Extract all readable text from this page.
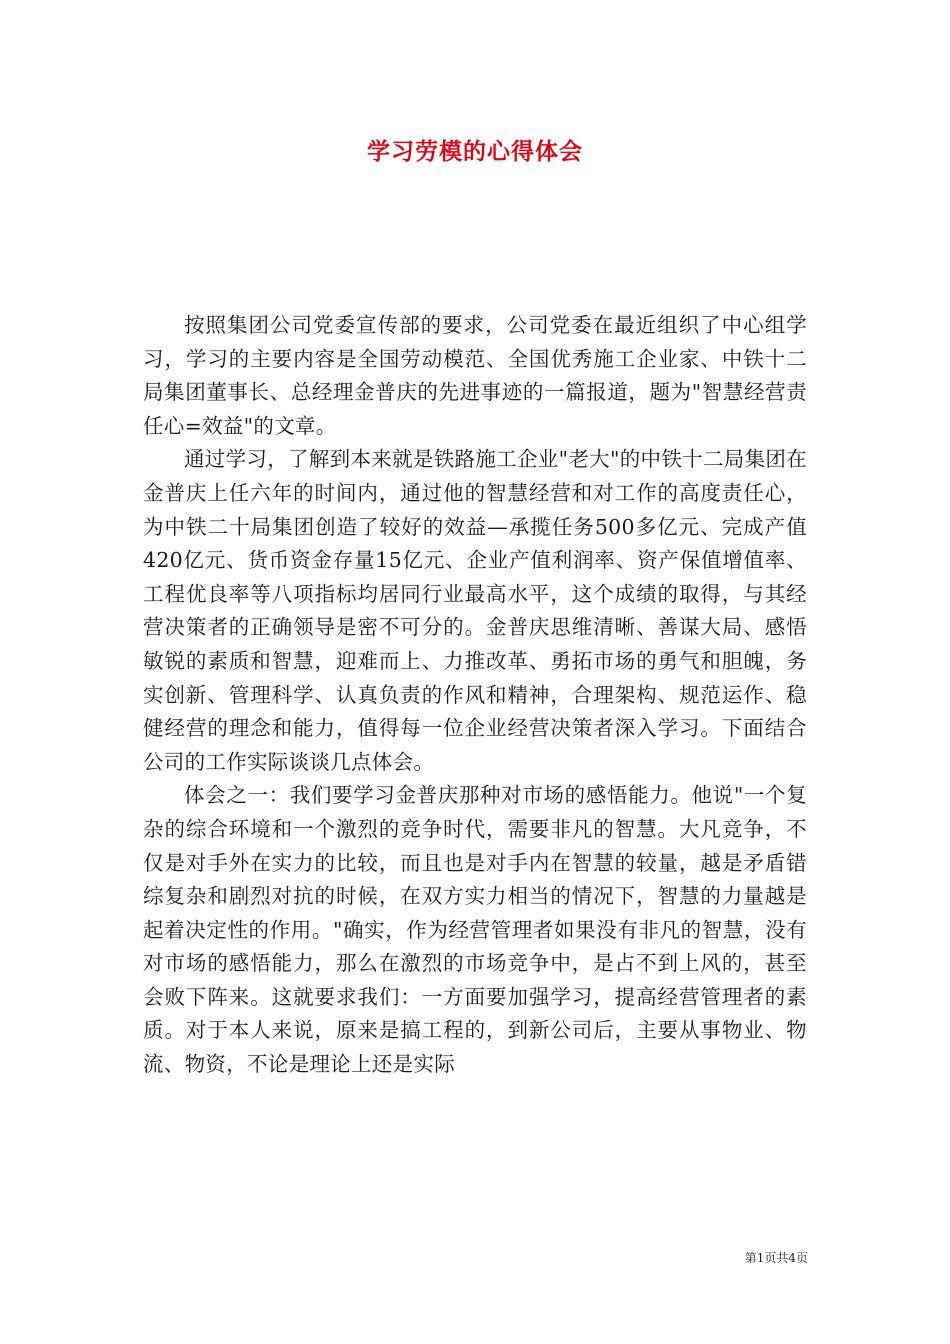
学习劳模的心得体会

按照集团公司党委宣传部的要求，公司党委在最近组织了中心组学习，学习的主要内容是全国劳动模范、全国优秀施工企业家、中铁十二局集团董事长、总经理金普庆的先进事迹的一篇报道，题为"智慧经营责任心=效益"的文章。

通过学习，了解到本来就是铁路施工企业"老大"的中铁十二局集团在金普庆上任六年的时间内，通过他的智慧经营和对工作的高度责任心，为中铁二十局集团创造了较好的效益—承揽任务500多亿元、完成产值420亿元、货币资金存量15亿元、企业产值利润率、资产保值增值率、工程优良率等八项指标均居同行业最高水平，这个成绩的取得，与其经营决策者的正确领导是密不可分的。金普庆思维清晰、善谋大局、感悟敏锐的素质和智慧，迎难而上、力推改革、勇拓市场的勇气和胆魄，务实创新、管理科学、认真负责的作风和精神，合理架构、规范运作、稳健经营的理念和能力，值得每一位企业经营决策者深入学习。下面结合公司的工作实际谈谈几点体会。

体会之一：我们要学习金普庆那种对市场的感悟能力。他说"一个复杂的综合环境和一个激烈的竞争时代，需要非凡的智慧。大凡竞争，不仅是对手外在实力的比较，而且也是对手内在智慧的较量，越是矛盾错综复杂和剧烈对抗的时候，在双方实力相当的情况下，智慧的力量越是起着决定性的作用。"确实，作为经营管理者如果没有非凡的智慧，没有对市场的感悟能力，那么在激烈的市场竞争中，是占不到上风的，甚至会败下阵来。这就要求我们：一方面要加强学习，提高经营管理者的素质。对于本人来说，原来是搞工程的，到新公司后，主要从事物业、物流、物资，不论是理论上还是实际

第1页共4页
